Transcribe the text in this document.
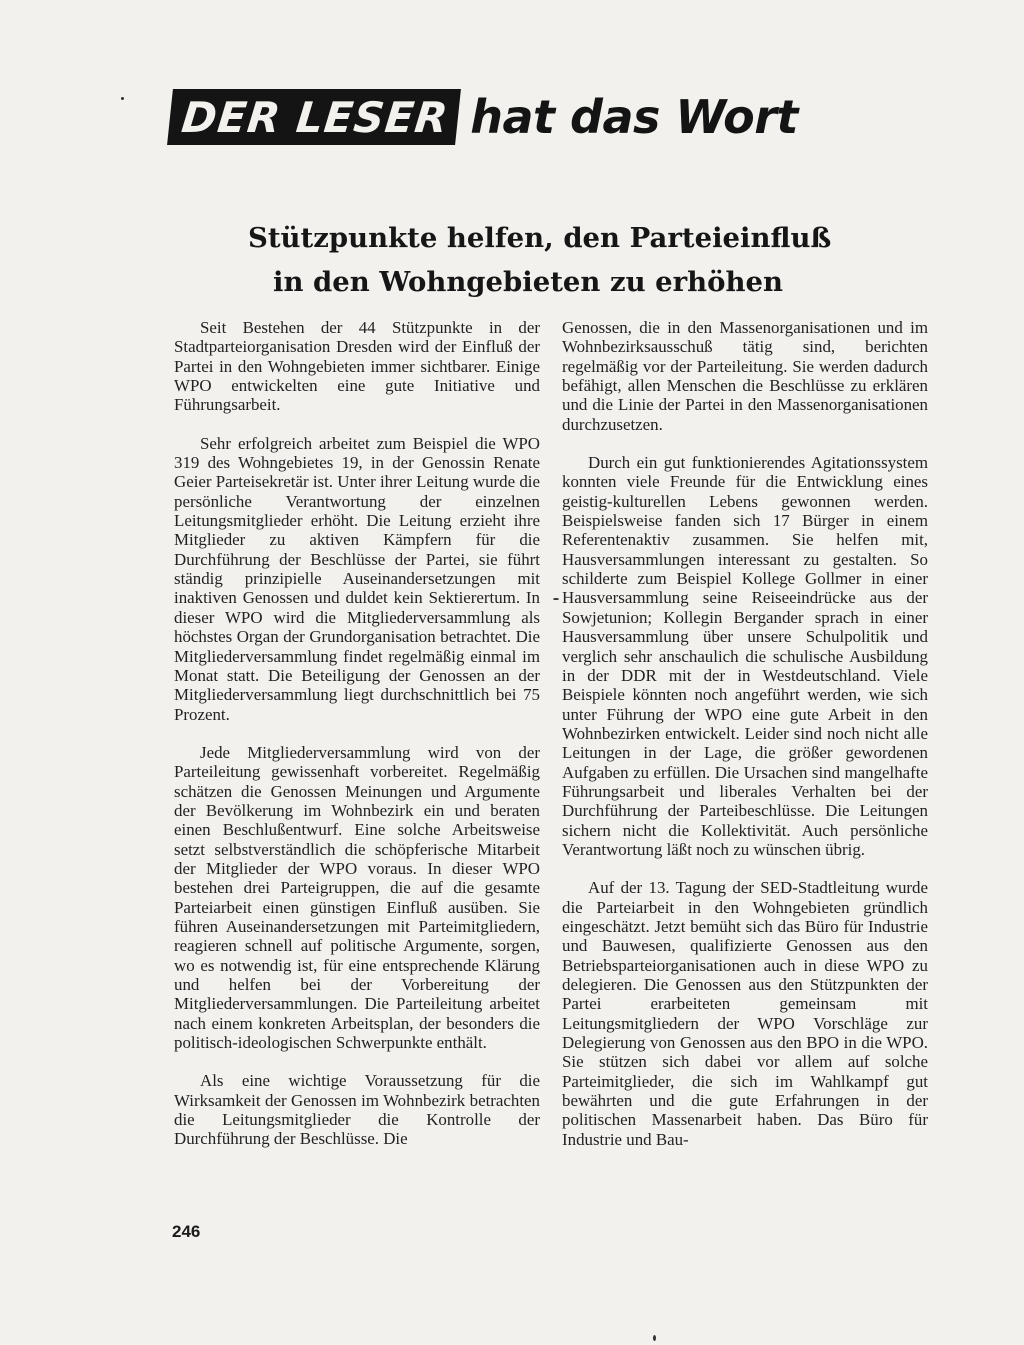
DER LESER hat das Wort
Stützpunkte helfen, den Parteieinfluß
in den Wohngebieten zu erhöhen

Seit Bestehen der 44 Stützpunkte in der Stadtparteiorganisation Dresden wird der Einfluß der Partei in den Wohngebieten immer sichtbarer. Einige WPO entwickelten eine gute Initiative und Führungsarbeit.

Sehr erfolgreich arbeitet zum Beispiel die WPO 319 des Wohngebietes 19, in der Genossin Renate Geier Parteisekretär ist. Unter ihrer Leitung wurde die persönliche Verantwortung der einzelnen Leitungsmitglieder erhöht. Die Leitung erzieht ihre Mitglieder zu aktiven Kämpfern für die Durchführung der Beschlüsse der Partei, sie führt ständig prinzipielle Auseinandersetzungen mit inaktiven Genossen und duldet kein Sektierertum. In dieser WPO wird die Mitgliederversammlung als höchstes Organ der Grundorganisation betrachtet. Die Mitgliederversammlung findet regelmäßig einmal im Monat statt. Die Beteiligung der Genossen an der Mitgliederversammlung liegt durchschnittlich bei 75 Prozent.

Jede Mitgliederversammlung wird von der Parteileitung gewissenhaft vorbereitet. Regelmäßig schätzen die Genossen Meinungen und Argumente der Bevölkerung im Wohnbezirk ein und beraten einen Beschlußentwurf. Eine solche Arbeitsweise setzt selbstverständlich die schöpferische Mitarbeit der Mitglieder der WPO voraus. In dieser WPO bestehen drei Parteigruppen, die auf die gesamte Parteiarbeit einen günstigen Einfluß ausüben. Sie führen Auseinandersetzungen mit Parteimitgliedern, reagieren schnell auf politische Argumente, sorgen, wo es notwendig ist, für eine entsprechende Klärung und helfen bei der Vorbereitung der Mitgliederversammlungen. Die Parteileitung arbeitet nach einem konkreten Arbeitsplan, der besonders die politisch-ideologischen Schwerpunkte enthält.

Als eine wichtige Voraussetzung für die Wirksamkeit der Genossen im Wohnbezirk betrachten die Leitungsmitglieder die Kontrolle der Durchführung der Beschlüsse. Die

Genossen, die in den Massenorganisationen und im Wohnbezirksausschuß tätig sind, berichten regelmäßig vor der Parteileitung. Sie werden dadurch befähigt, allen Menschen die Beschlüsse zu erklären und die Linie der Partei in den Massenorganisationen durchzusetzen.

Durch ein gut funktionierendes Agitationssystem konnten viele Freunde für die Entwicklung eines geistig-kulturellen Lebens gewonnen werden. Beispielsweise fanden sich 17 Bürger in einem Referentenaktiv zusammen. Sie helfen mit, Hausversammlungen interessant zu gestalten. So schilderte zum Beispiel Kollege Gollmer in einer Hausversammlung seine Reiseeindrücke aus der Sowjetunion; Kollegin Bergander sprach in einer Hausversammlung über unsere Schulpolitik und verglich sehr anschaulich die schulische Ausbildung in der DDR mit der in Westdeutschland. Viele Beispiele könnten noch angeführt werden, wie sich unter Führung der WPO eine gute Arbeit in den Wohnbezirken entwickelt. Leider sind noch nicht alle Leitungen in der Lage, die größer gewordenen Aufgaben zu erfüllen. Die Ursachen sind mangelhafte Führungsarbeit und liberales Verhalten bei der Durchführung der Parteibeschlüsse. Die Leitungen sichern nicht die Kollektivität. Auch persönliche Verantwortung läßt noch zu wünschen übrig.

Auf der 13. Tagung der SED-Stadtleitung wurde die Parteiarbeit in den Wohngebieten gründlich eingeschätzt. Jetzt bemüht sich das Büro für Industrie und Bauwesen, qualifizierte Genossen aus den Betriebsparteiorganisationen auch in diese WPO zu delegieren. Die Genossen aus den Stützpunkten der Partei erarbeiteten gemeinsam mit Leitungsmitgliedern der WPO Vorschläge zur Delegierung von Genossen aus den BPO in die WPO. Sie stützen sich dabei vor allem auf solche Parteimitglieder, die sich im Wahlkampf gut bewährten und die gute Erfahrungen in der politischen Massenarbeit haben. Das Büro für Industrie und Bau-

246
